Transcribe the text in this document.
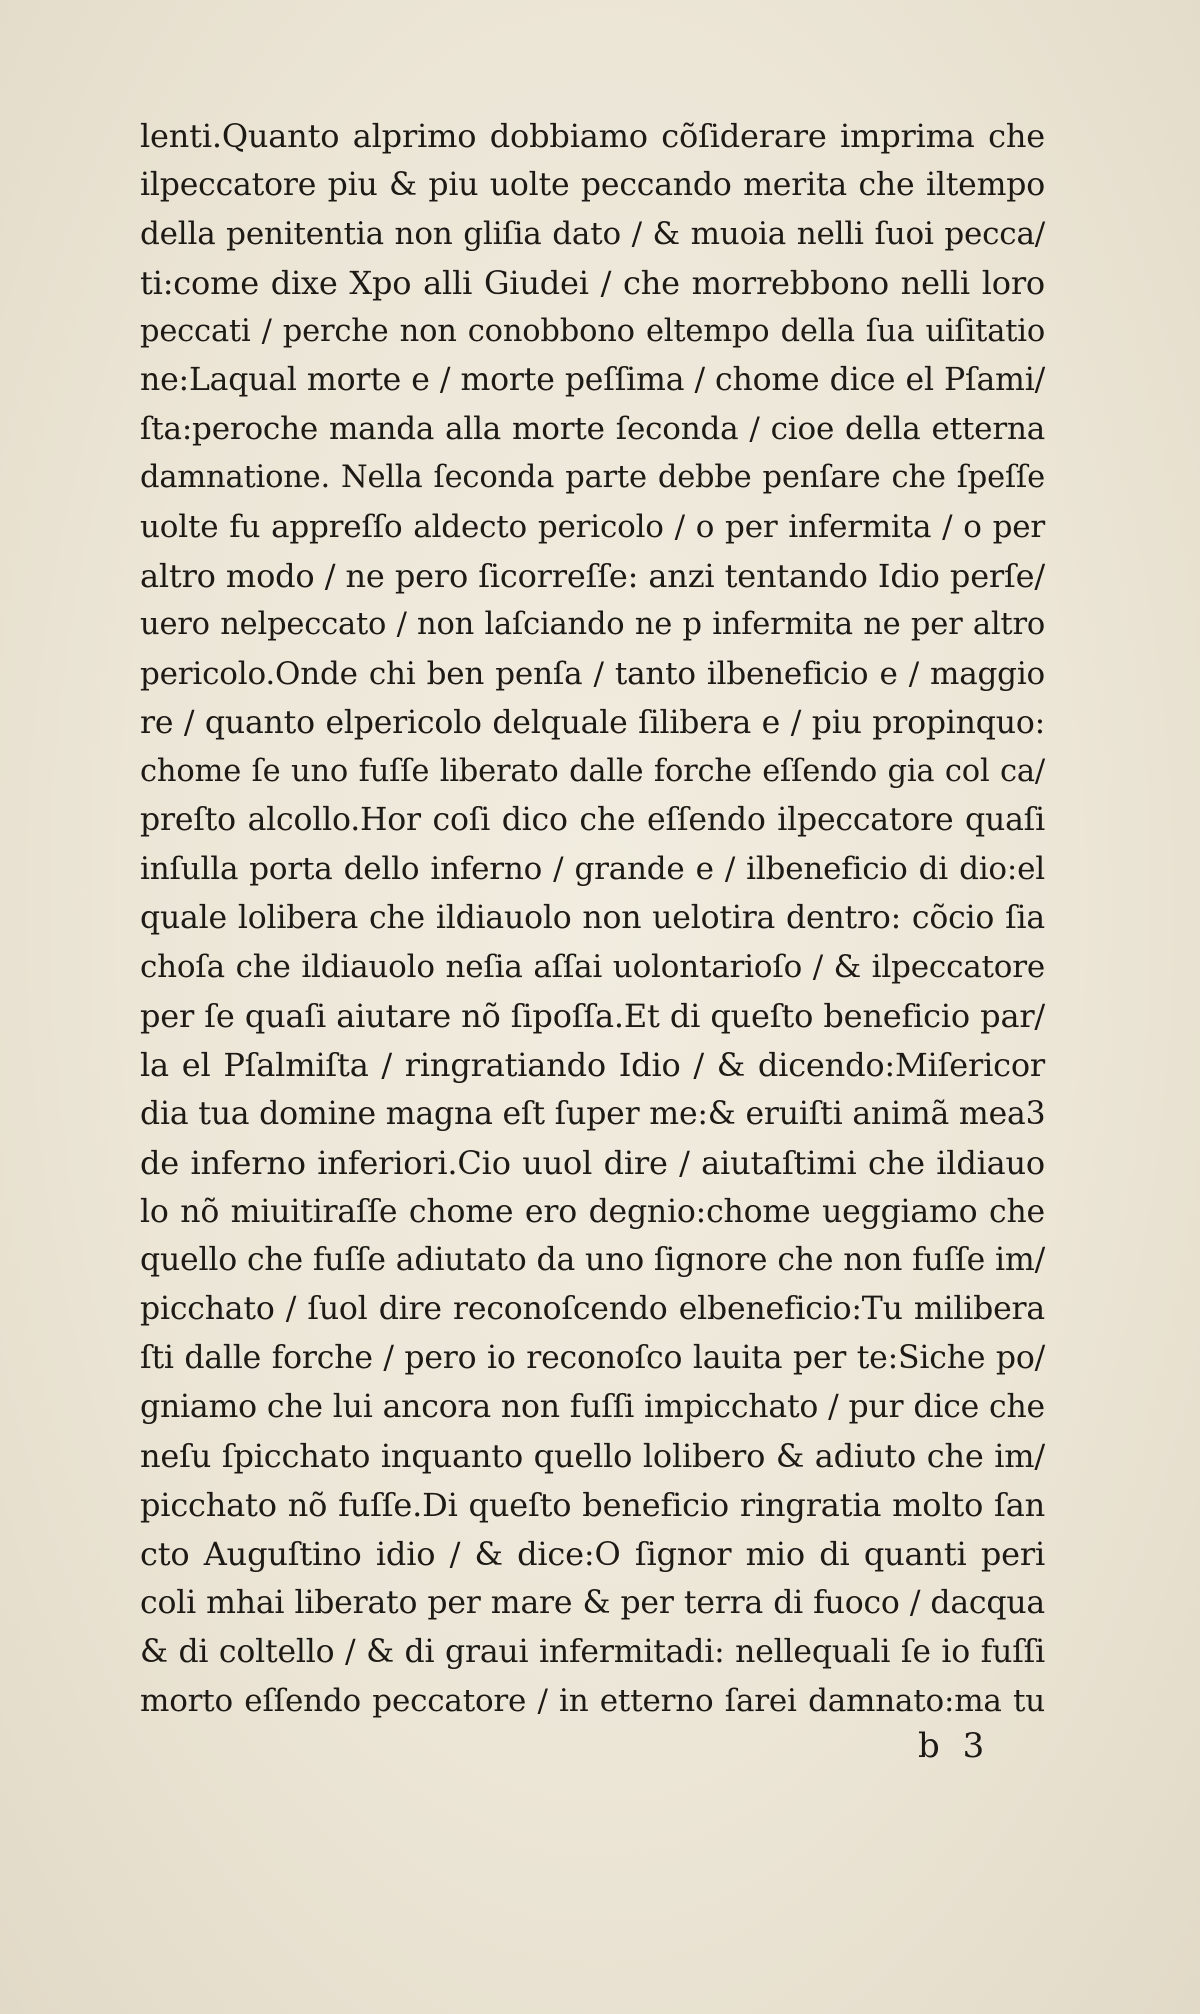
lenti.Quanto alprimo dobbiamo cõſiderare imprima che
ilpeccatore piu & piu uolte peccando merita che iltempo
della penitentia non gliſia dato / & muoia nelli ſuoi pecca/
ti:come dixe Xpo alli Giudei / che morrebbono nelli loro
peccati / perche non conobbono eltempo della ſua uiſitatio
ne:Laqual morte e / morte peſſima / chome dice el Pſami/
ſta:peroche manda alla morte ſeconda / cioe della etterna
damnatione. Nella ſeconda parte debbe penſare che ſpeſſe
uolte fu appreſſo aldecto pericolo / o per infermita / o per
altro modo / ne pero ſicorreſſe: anzi tentando Idio perſe/
uero nelpeccato / non laſciando ne p infermita ne per altro
pericolo.Onde chi ben penſa / tanto ilbeneficio e / maggio
re / quanto elpericolo delquale ſilibera e / piu propinquo:
chome ſe uno fuſſe liberato dalle forche eſſendo gia col ca/
preſto alcollo.Hor coſi dico che eſſendo ilpeccatore quaſi
inſulla porta dello inferno / grande e / ilbeneficio di dio:el
quale lolibera che ildiauolo non uelotira dentro: cõcio ſia
choſa che ildiauolo neſia aſſai uolontarioſo / & ilpeccatore
per ſe quaſi aiutare nõ ſipoſſa.Et di queſto beneficio par/
la el Pſalmiſta / ringratiando Idio / & dicendo:Miſericor
dia tua domine magna eſt ſuper me:& eruiſti animã mea3
de inferno inferiori.Cio uuol dire / aiutaſtimi che ildiauo
lo nõ miuitiraſſe chome ero degnio:chome ueggiamo che
quello che fuſſe adiutato da uno ſignore che non fuſſe im/
picchato / ſuol dire reconoſcendo elbeneficio:Tu milibera
ſti dalle forche / pero io reconoſco lauita per te:Siche po/
gniamo che lui ancora non fuſſi impicchato / pur dice che
neſu ſpicchato inquanto quello lolibero & adiuto che im/
picchato nõ fuſſe.Di queſto beneficio ringratia molto ſan
cto Auguſtino idio / & dice:O ſignor mio di quanti peri
coli mhai liberato per mare & per terra di fuoco / dacqua
& di coltello / & di graui infermitadi: nellequali ſe io fuſſi
morto eſſendo peccatore / in etterno ſarei damnato:ma tu
b 3
